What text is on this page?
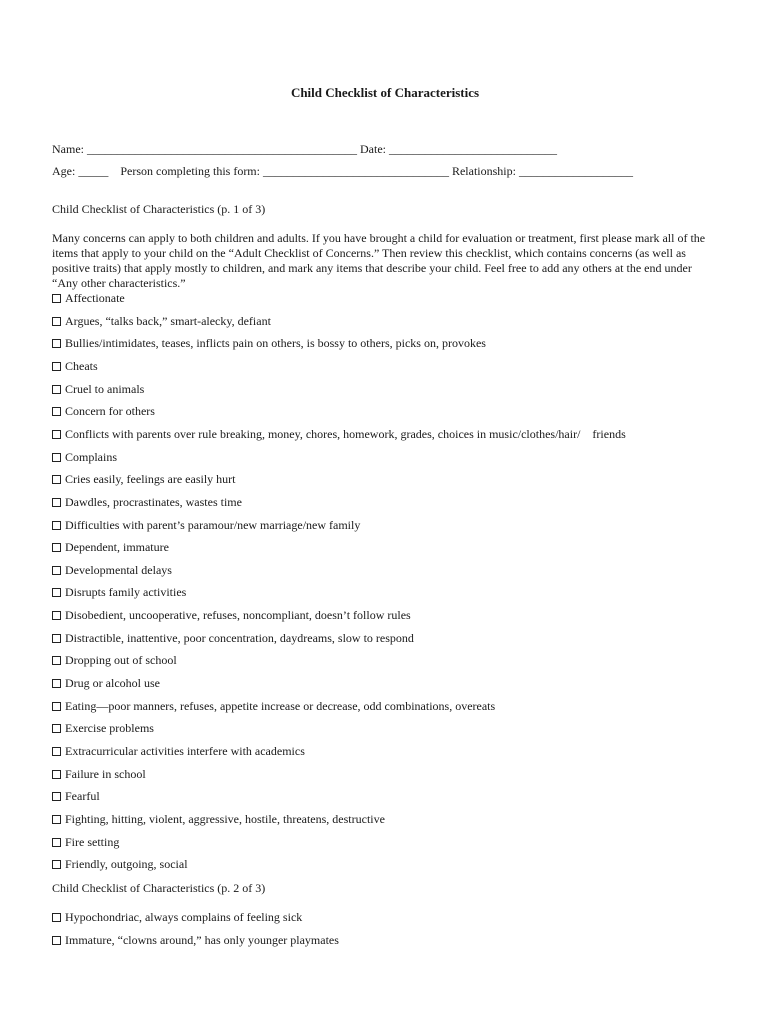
Child Checklist of Characteristics
Name: _____________________________________________ Date: ____________________________
Age: _____    Person completing this form: _______________________________ Relationship: ___________________
Child Checklist of Characteristics (p. 1 of 3)
Many concerns can apply to both children and adults. If you have brought a child for evaluation or treatment, first please mark all of the items that apply to your child on the “Adult Checklist of Concerns.” Then review this checklist, which contains concerns (as well as positive traits) that apply mostly to children, and mark any items that describe your child. Feel free to add any others at the end under “Any other characteristics.”
Affectionate
Argues, “talks back,” smart-alecky, defiant
Bullies/intimidates, teases, inflicts pain on others, is bossy to others, picks on, provokes
Cheats
Cruel to animals
Concern for others
Conflicts with parents over rule breaking, money, chores, homework, grades, choices in music/clothes/hair/    friends
Complains
Cries easily, feelings are easily hurt
Dawdles, procrastinates, wastes time
Difficulties with parent’s paramour/new marriage/new family
Dependent, immature
Developmental delays
Disrupts family activities
Disobedient, uncooperative, refuses, noncompliant, doesn’t follow rules
Distractible, inattentive, poor concentration, daydreams, slow to respond
Dropping out of school
Drug or alcohol use
Eating—poor manners, refuses, appetite increase or decrease, odd combinations, overeats
Exercise problems
Extracurricular activities interfere with academics
Failure in school
Fearful
Fighting, hitting, violent, aggressive, hostile, threatens, destructive
Fire setting
Friendly, outgoing, social
Child Checklist of Characteristics (p. 2 of 3)
Hypochondriac, always complains of feeling sick
Immature, “clowns around,” has only younger playmates
